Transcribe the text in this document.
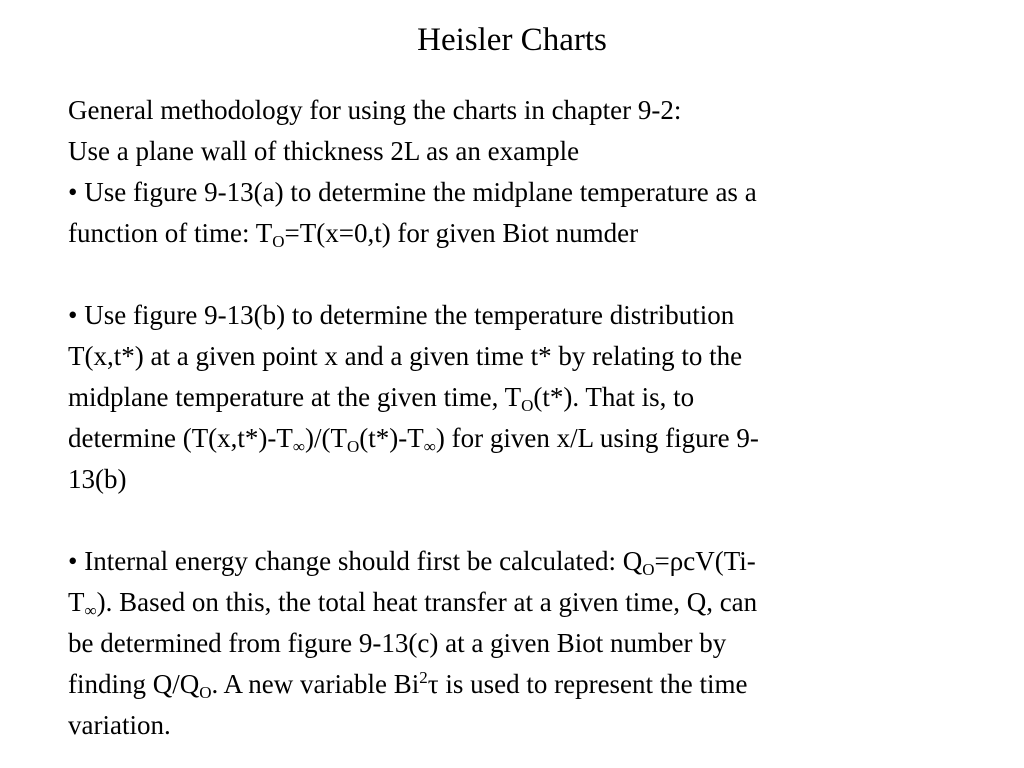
Heisler Charts
General methodology for using the charts in chapter 9-2:
Use a plane wall of thickness 2L as an example
• Use figure 9-13(a) to determine the midplane temperature as a
function of time: $T_O=T(x=0,t)$ for given Biot numder
• Use figure 9-13(b) to determine the temperature distribution
T(x,t*) at a given point x and a given time t* by relating to the
midplane temperature at the given time, $T_O(t*)$. That is, to
determine $(T(x,t*)-T_\infty)/(T_O(t*)-T_\infty)$ for given x/L using figure 9-
13(b)
• Internal energy change should first be calculated: $Q_O=\rho cV(Ti-$
$T_\infty$). Based on this, the total heat transfer at a given time, Q, can
be determined from figure 9-13(c) at a given Biot number by
finding $Q/Q_O$. A new variable Bi$^2$τ is used to represent the time
variation.
